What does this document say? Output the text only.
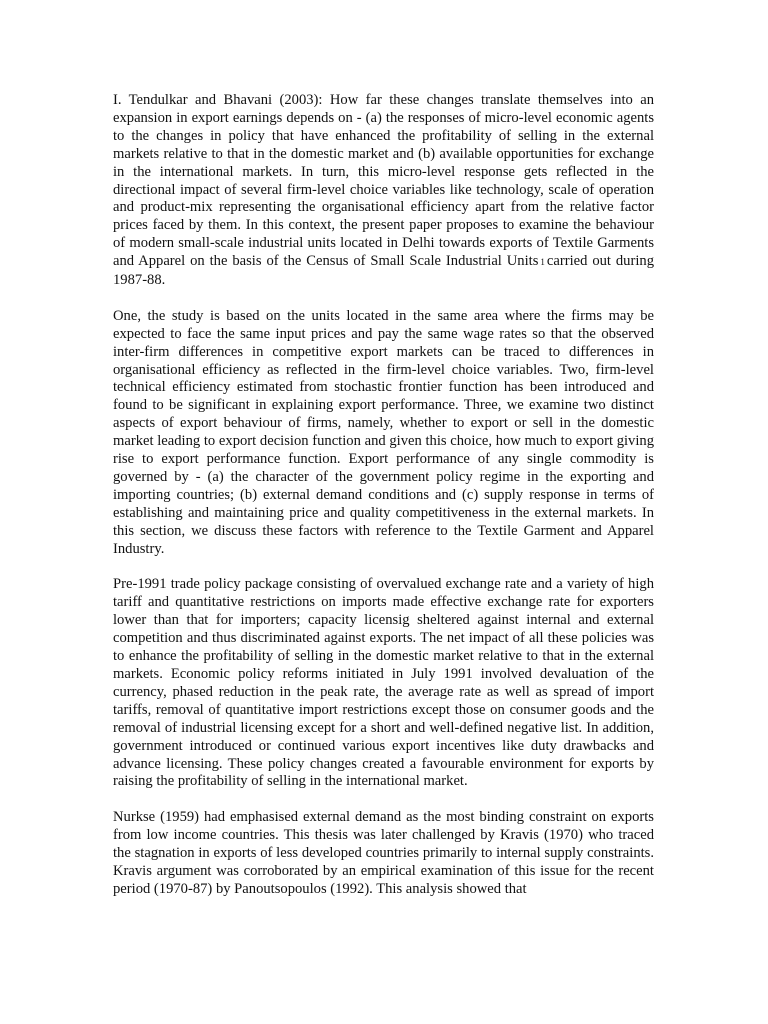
I. Tendulkar and Bhavani (2003): How far these changes translate themselves into an expansion in export earnings depends on - (a) the responses of micro-level economic agents to the changes in policy that have enhanced the profitability of selling in the external markets relative to that in the domestic market and (b) available opportunities for exchange in the international markets. In turn, this micro-level response gets reflected in the directional impact of several firm-level choice variables like technology, scale of operation and product-mix representing the organisational efficiency apart from the relative factor prices faced by them. In this context, the present paper proposes to examine the behaviour of modern small-scale industrial units located in Delhi towards exports of Textile Garments and Apparel on the basis of the Census of Small Scale Industrial Units 1 carried out during 1987-88.

One, the study is based on the units located in the same area where the firms may be expected to face the same input prices and pay the same wage rates so that the observed inter-firm differences in competitive export markets can be traced to differences in organisational efficiency as reflected in the firm-level choice variables. Two, firm-level technical efficiency estimated from stochastic frontier function has been introduced and found to be significant in explaining export performance. Three, we examine two distinct aspects of export behaviour of firms, namely, whether to export or sell in the domestic market leading to export decision function and given this choice, how much to export giving rise to export performance function. Export performance of any single commodity is governed by - (a) the character of the government policy regime in the exporting and importing countries; (b) external demand conditions and (c) supply response in terms of establishing and maintaining price and quality competitiveness in the external markets. In this section, we discuss these factors with reference to the Textile Garment and Apparel Industry.

Pre-1991 trade policy package consisting of overvalued exchange rate and a variety of high tariff and quantitative restrictions on imports made effective exchange rate for exporters lower than that for importers; capacity licensig sheltered against internal and external competition and thus discriminated against exports. The net impact of all these policies was to enhance the profitability of selling in the domestic market relative to that in the external markets. Economic policy reforms initiated in July 1991 involved devaluation of the currency, phased reduction in the peak rate, the average rate as well as spread of import tariffs, removal of quantitative import restrictions except those on consumer goods and the removal of industrial licensing except for a short and well-defined negative list. In addition, government introduced or continued various export incentives like duty drawbacks and advance licensing. These policy changes created a favourable environment for exports by raising the profitability of selling in the international market.

Nurkse (1959) had emphasised external demand as the most binding constraint on exports from low income countries. This thesis was later challenged by Kravis (1970) who traced the stagnation in exports of less developed countries primarily to internal supply constraints. Kravis argument was corroborated by an empirical examination of this issue for the recent period (1970-87) by Panoutsopoulos (1992). This analysis showed that
